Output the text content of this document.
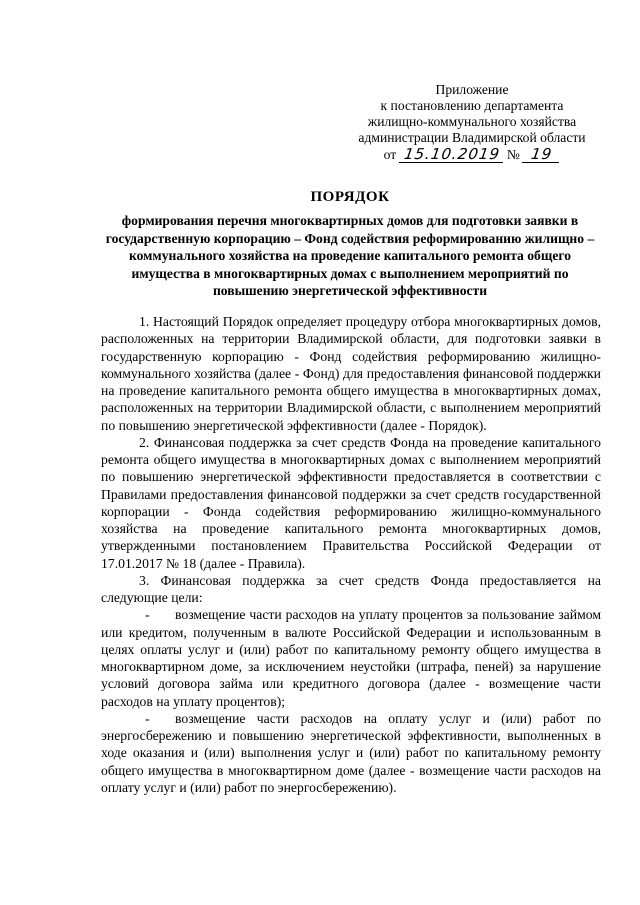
Приложение
к постановлению департамента
жилищно-коммунального хозяйства
администрации Владимирской области
от 15.10.2019 № 19
ПОРЯДОК
формирования перечня многоквартирных домов для подготовки заявки в государственную корпорацию – Фонд содействия реформированию жилищно – коммунального хозяйства на проведение капитального ремонта общего имущества в многоквартирных домах с выполнением мероприятий по повышению энергетической эффективности

1. Настоящий Порядок определяет процедуру отбора многоквартирных домов, расположенных на территории Владимирской области, для подготовки заявки в государственную корпорацию - Фонд содействия реформированию жилищно-коммунального хозяйства (далее - Фонд) для предоставления финансовой поддержки на проведение капитального ремонта общего имущества в многоквартирных домах, расположенных на территории Владимирской области, с выполнением мероприятий по повышению энергетической эффективности (далее - Порядок).

2. Финансовая поддержка за счет средств Фонда на проведение капитального ремонта общего имущества в многоквартирных домах с выполнением мероприятий по повышению энергетической эффективности предоставляется в соответствии с Правилами предоставления финансовой поддержки за счет средств государственной корпорации - Фонда содействия реформированию жилищно-коммунального хозяйства на проведение капитального ремонта многоквартирных домов, утвержденными постановлением Правительства Российской Федерации от 17.01.2017 № 18 (далее - Правила).

3. Финансовая поддержка за счет средств Фонда предоставляется на следующие цели:

- возмещение части расходов на уплату процентов за пользование займом или кредитом, полученным в валюте Российской Федерации и использованным в целях оплаты услуг и (или) работ по капитальному ремонту общего имущества в многоквартирном доме, за исключением неустойки (штрафа, пеней) за нарушение условий договора займа или кредитного договора (далее - возмещение части расходов на уплату процентов);

- возмещение части расходов на оплату услуг и (или) работ по энергосбережению и повышению энергетической эффективности, выполненных в ходе оказания и (или) выполнения услуг и (или) работ по капитальному ремонту общего имущества в многоквартирном доме (далее - возмещение части расходов на оплату услуг и (или) работ по энергосбережению).
